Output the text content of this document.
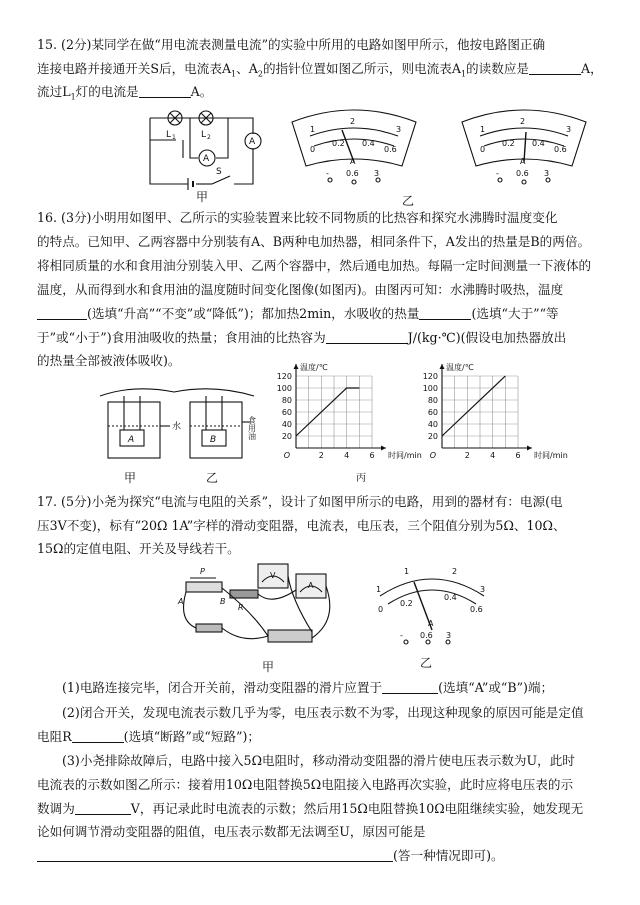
15. (2分)某同学在做“用电流表测量电流”的实验中所用的电路如图甲所示，他按电路图正确
连接电路并接通开关S后，电流表$A_1$、$A_2$的指针位置如图乙所示，则电流表$A_1$的读数应是	A，
流过$L_1$灯的电流是	A。
L 1	L 2
A
A
S
甲
1
0
0.2 0.4
0.6
2
3
A
- 0.6 3
1
0
0.2 0.4
0.6
2
3
A
- 0.6 3
乙
16. (3分)小明用如图甲、乙所示的实验装置来比较不同物质的比热容和探究水沸腾时温度变化
的特点。已知甲、乙两容器中分别装有A、B两种电加热器，相同条件下，A发出的热量是B的两倍。
将相同质量的水和食用油分别装入甲、乙两个容器中，然后通电加热。每隔一定时间测量一下液体的
温度，从而得到水和食用油的温度随时间变化图像(如图丙)。由图丙可知：水沸腾时吸热，温度
(选填“升高”“不变”或“降低”)；都加热2min，水吸收的热量	(选填“大于”“等
于”或“小于”)食用油吸收的热量；食用油的比热容为	J/(kg·℃)(假设电加热器放出
的热量全部被液体吸收)。
A	B
水	食用油
甲	乙
20
40
60
80
100
120
2	4	6
O
温度/℃
时间/min
20
40
60
80
100
120
2	4	6
O
温度/℃
时间/min
丙
17. (5分)小尧为探究“电流与电阻的关系”，设计了如图甲所示的电路，用到的器材有：电源(电
压3V不变)，标有“20Ω 1A”字样的滑动变阻器，电流表，电压表，三个阻值分别为5Ω、10Ω、
15Ω的定值电阻、开关及导线若干。
P
A	B
R
V
A
甲
0
0.2
0.4
0.6
1
1	2
3
A
- 0.6 3
乙
(1)电路连接完毕，闭合开关前，滑动变阻器的滑片应置于	(选填“A”或“B”)端；
(2)闭合开关，发现电流表示数几乎为零，电压表示数不为零，出现这种现象的原因可能是定值
电阻R	(选填“断路”或“短路”)；
(3)小尧排除故障后，电路中接入5Ω电阻时，移动滑动变阻器的滑片使电压表示数为U，此时
电流表的示数如图乙所示：接着用10Ω电阻替换5Ω电阻接入电路再次实验，此时应将电压表的示
数调为	V，再记录此时电流表的示数；然后用15Ω电阻替换10Ω电阻继续实验，她发现无
论如何调节滑动变阻器的阻值，电压表示数都无法调至U，原因可能是
(答一种情况即可)。
